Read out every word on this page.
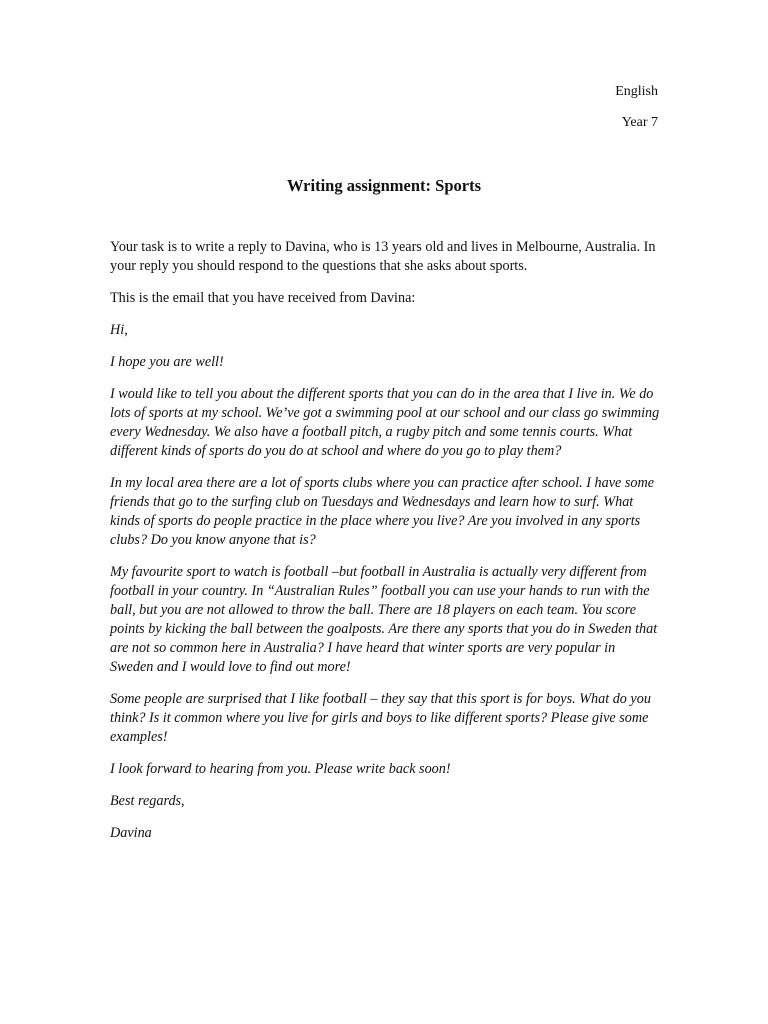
English
Year 7
Writing assignment: Sports

Your task is to write a reply to Davina, who is 13 years old and lives in Melbourne, Australia. In your reply you should respond to the questions that she asks about sports.

This is the email that you have received from Davina:

Hi,

I hope you are well!

I would like to tell you about the different sports that you can do in the area that I live in. We do lots of sports at my school. We’ve got a swimming pool at our school and our class go swimming every Wednesday. We also have a football pitch, a rugby pitch and some tennis courts. What different kinds of sports do you do at school and where do you go to play them?

In my local area there are a lot of sports clubs where you can practice after school. I have some friends that go to the surfing club on Tuesdays and Wednesdays and learn how to surf. What kinds of sports do people practice in the place where you live? Are you involved in any sports clubs? Do you know anyone that is?

My favourite sport to watch is football –but football in Australia is actually very different from football in your country. In “Australian Rules” football you can use your hands to run with the ball, but you are not allowed to throw the ball. There are 18 players on each team. You score points by kicking the ball between the goalposts. Are there any sports that you do in Sweden that are not so common here in Australia? I have heard that winter sports are very popular in Sweden and I would love to find out more!

Some people are surprised that I like football – they say that this sport is for boys. What do you think? Is it common where you live for girls and boys to like different sports? Please give some examples!

I look forward to hearing from you. Please write back soon!

Best regards,

Davina
